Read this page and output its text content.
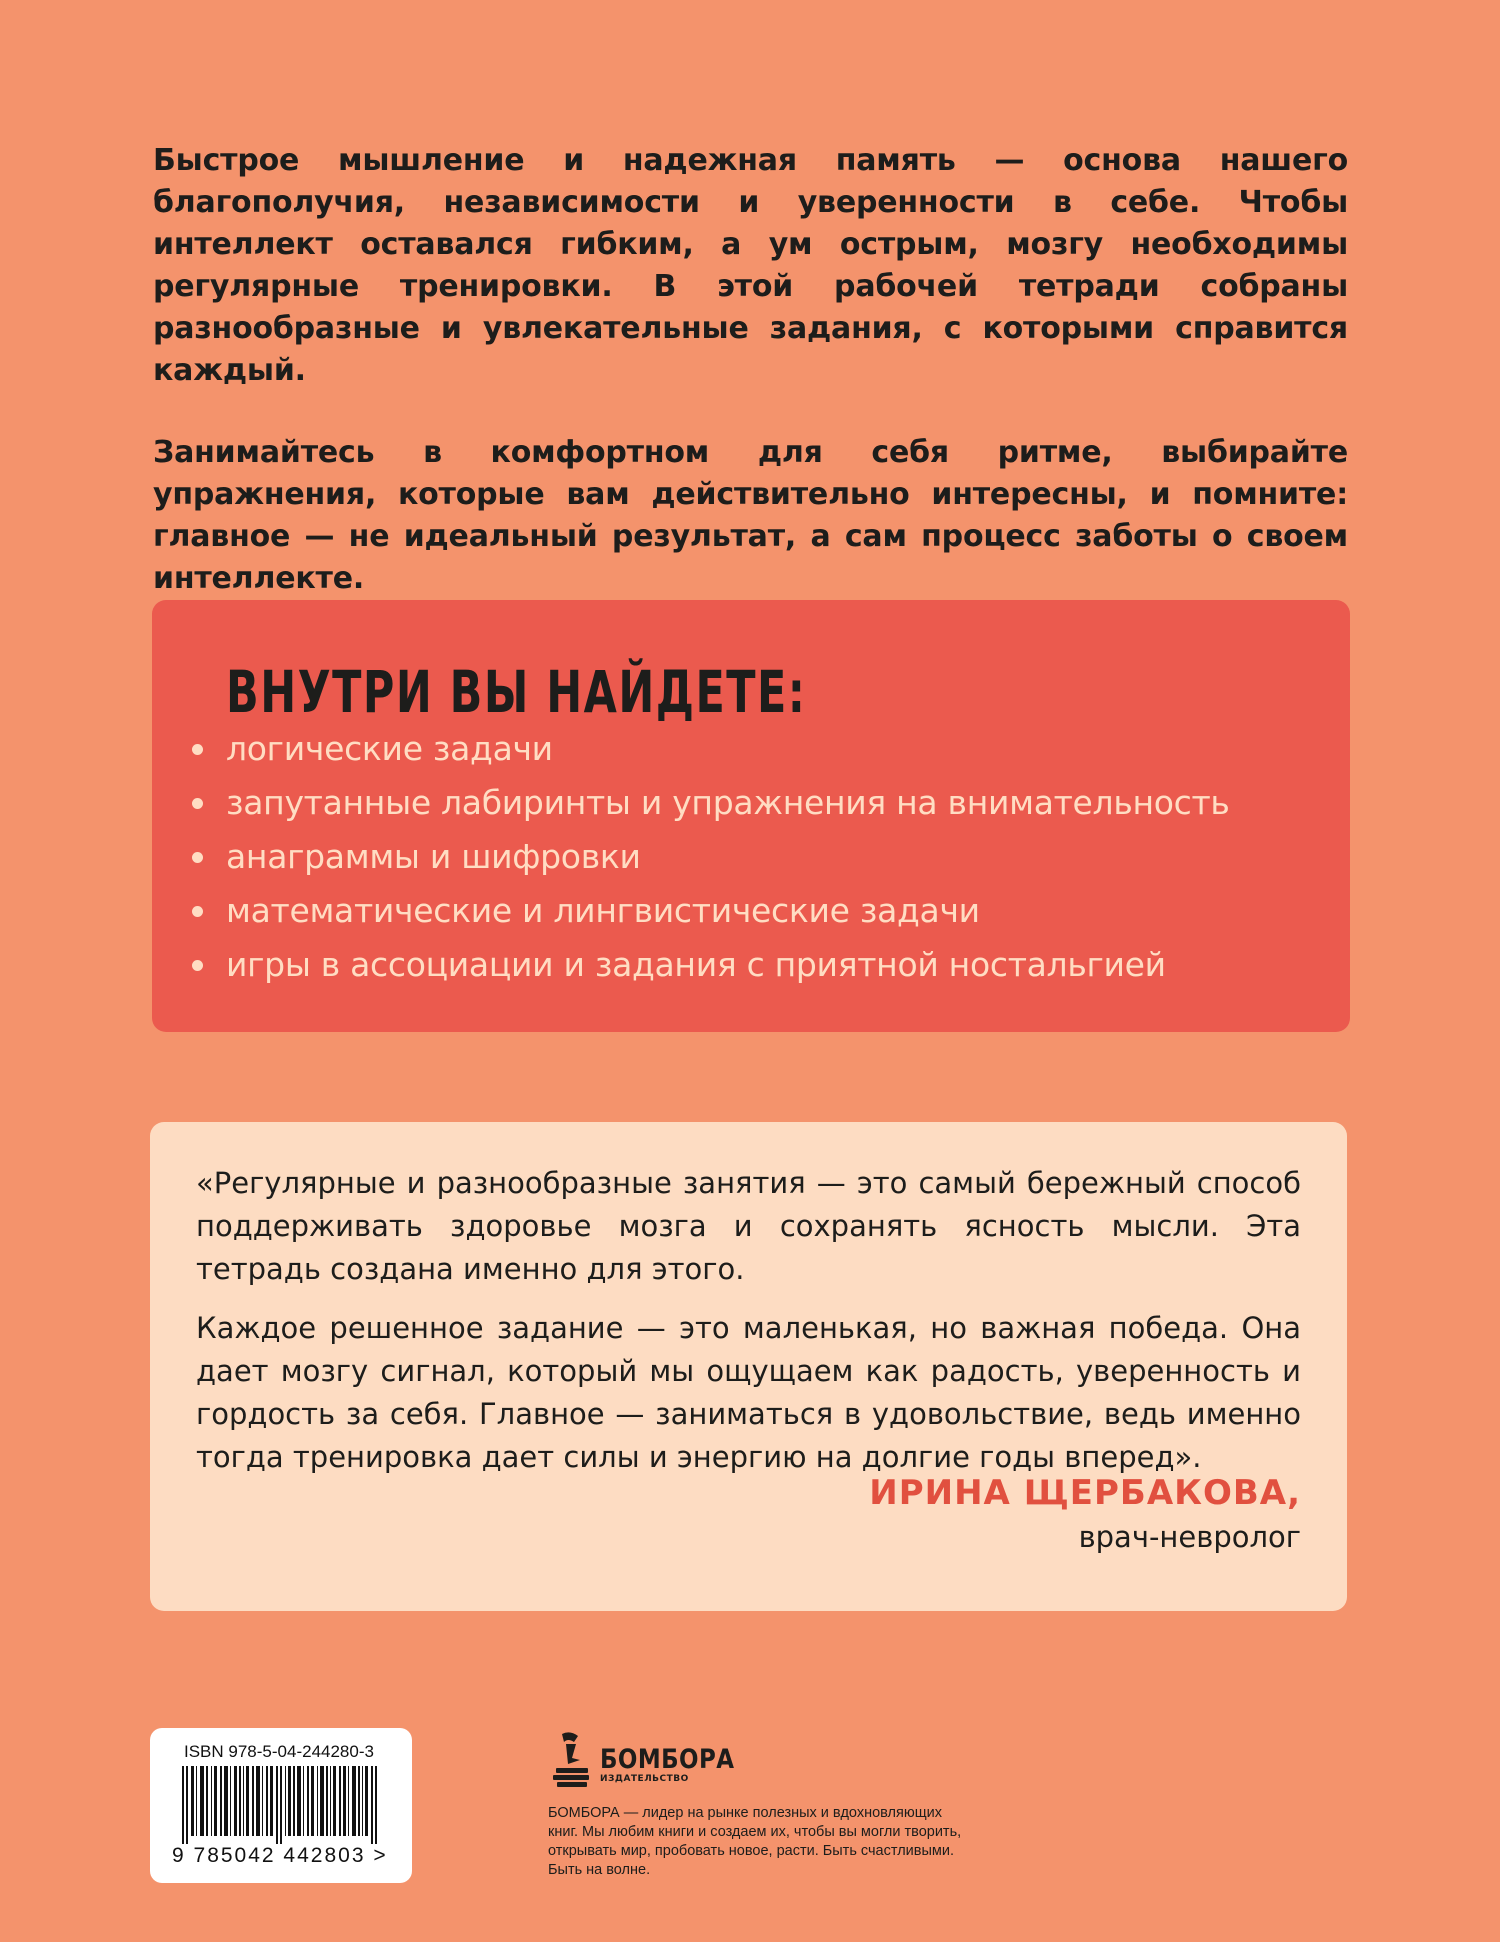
Быстрое мышление и надежная память — основа нашего благополучия, независимости и уверенности в себе. Чтобы интеллект оставался гибким, а ум острым, мозгу необходимы регулярные тренировки. В этой рабочей тетради собраны разнообразные и увлекательные задания, с которыми справится каждый.

Занимайтесь в комфортном для себя ритме, выбирайте упражнения, которые вам действительно интересны, и помните: главное — не идеальный результат, а сам процесс заботы о своем интеллекте.

ВНУТРИ ВЫ НАЙДЕТЕ:
логические задачи
запутанные лабиринты и упражнения на внимательность
анаграммы и шифровки
математические и лингвистические задачи
игры в ассоциации и задания с приятной ностальгией

«Регулярные и разнообразные занятия — это самый бережный способ поддерживать здоровье мозга и сохранять ясность мысли. Эта тетрадь создана именно для этого.

Каждое решенное задание — это маленькая, но важная победа. Она дает мозгу сигнал, который мы ощущаем как радость, уверенность и гордость за себя. Главное — заниматься в удовольствие, ведь именно тогда тренировка дает силы и энергию на долгие годы вперед».

ИРИНА ЩЕРБАКОВА,
врач-невролог
ISBN 978-5-04-244280-3
9 785042 442803 >
БОМБОРА
ИЗДАТЕЛЬСТВО
БОМБОРА — лидер на рынке полезных и вдохновляющих книг. Мы любим книги и создаем их, чтобы вы могли творить, открывать мир, пробовать новое, расти. Быть счастливыми. Быть на волне.
